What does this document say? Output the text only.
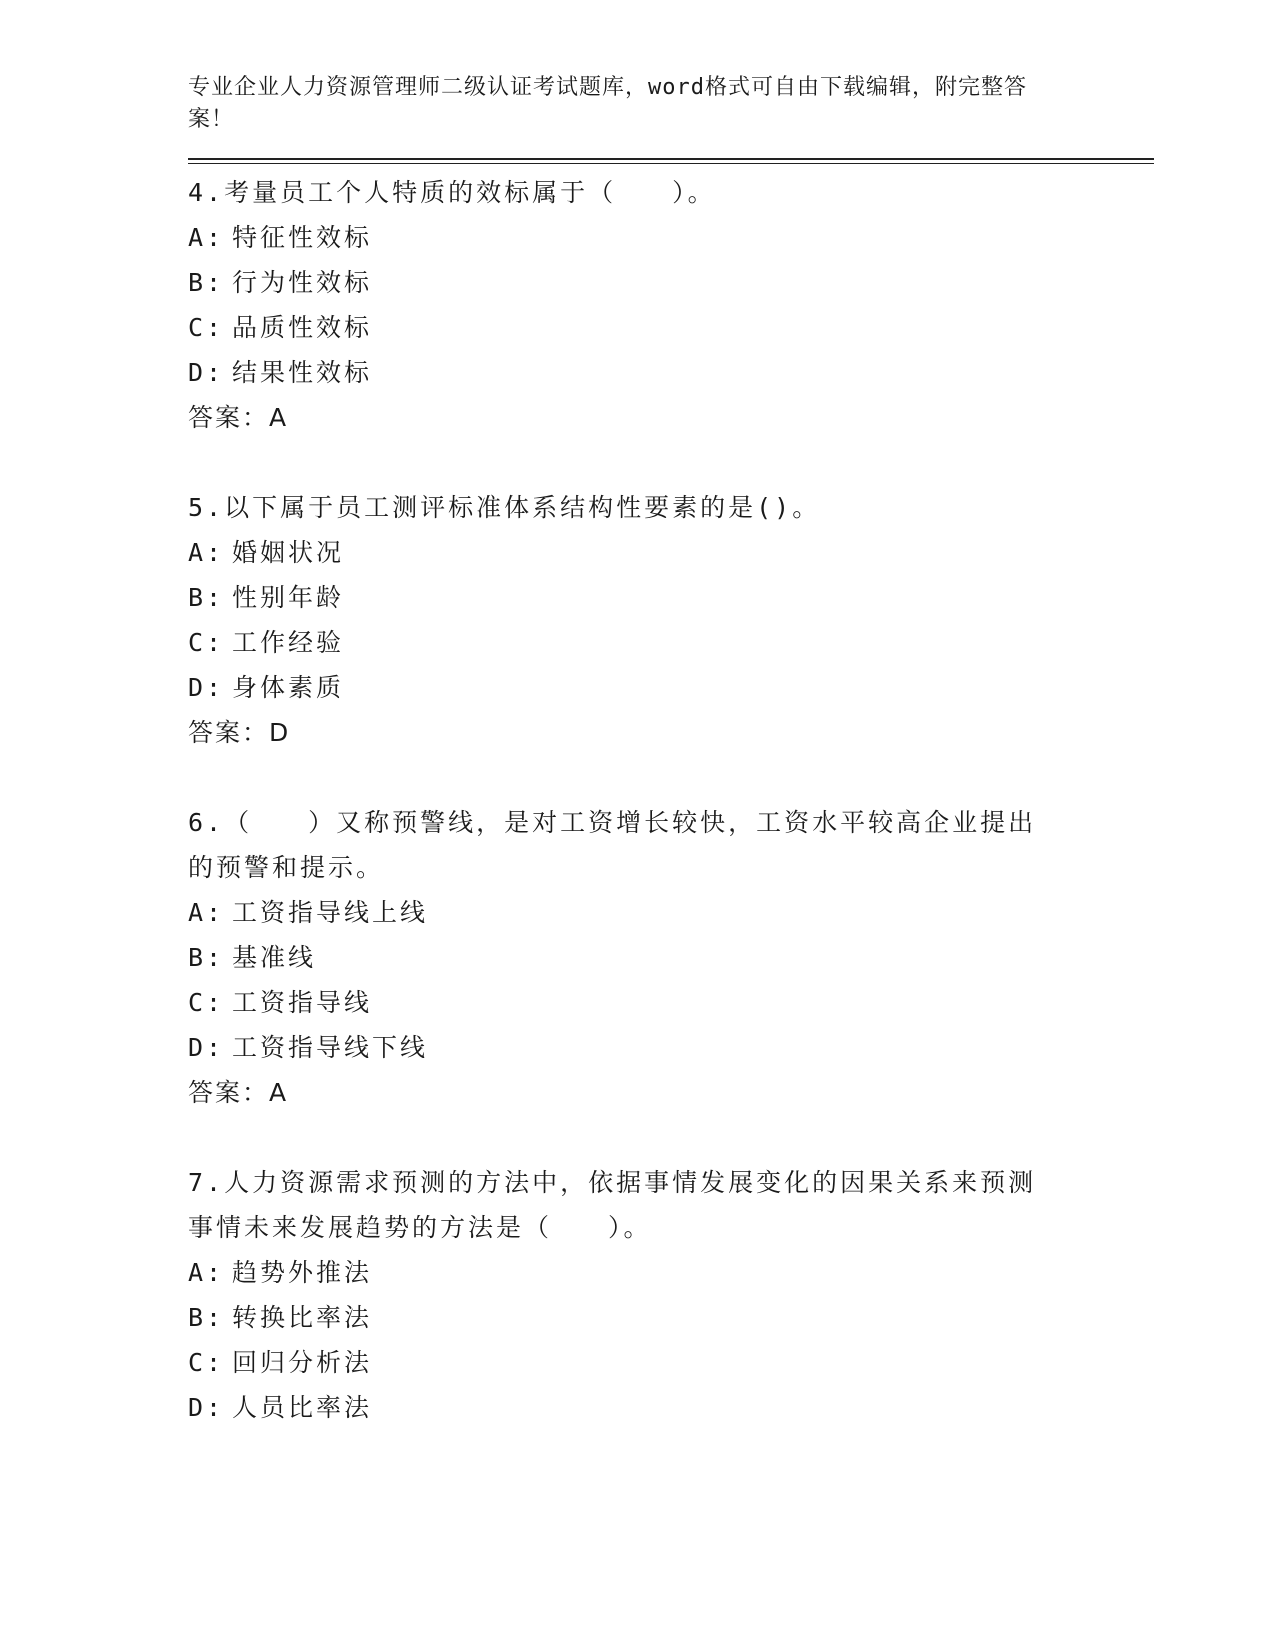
专业企业人力资源管理师二级认证考试题库，word格式可自由下载编辑，附完整答案！

4.考量员工个人特质的效标属于（　　）。

A: 特征性效标

B: 行为性效标

C: 品质性效标

D: 结果性效标

答案：A

5.以下属于员工测评标准体系结构性要素的是()。

A: 婚姻状况

B: 性别年龄

C: 工作经验

D: 身体素质

答案：D

6.（　　）又称预警线，是对工资增长较快，工资水平较高企业提出的预警和提示。

A: 工资指导线上线

B: 基准线

C: 工资指导线

D: 工资指导线下线

答案：A

7.人力资源需求预测的方法中，依据事情发展变化的因果关系来预测事情未来发展趋势的方法是（　　）。

A: 趋势外推法

B: 转换比率法

C: 回归分析法

D: 人员比率法
